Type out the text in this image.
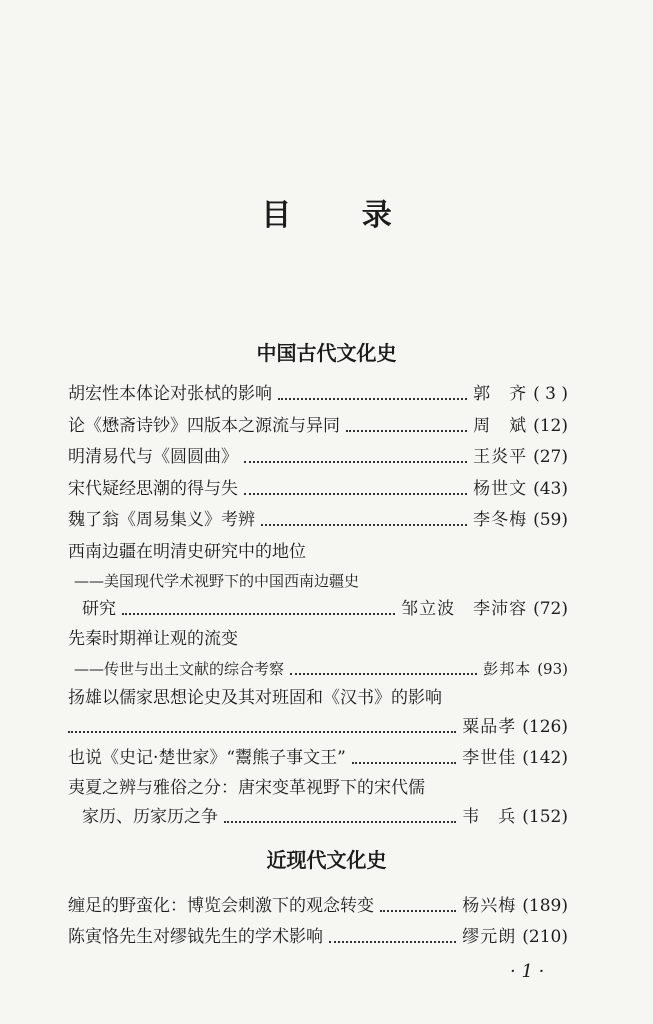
目 录
中国古代文化史
胡宏性本体论对张栻的影响	郭　齐 ( 3 )
论《懋斋诗钞》四版本之源流与异同	周　斌 (12)
明清易代与《圆圆曲》	王炎平 (27)
宋代疑经思潮的得与失	杨世文 (43)
魏了翁《周易集义》考辨	李冬梅 (59)
西南边疆在明清史研究中的地位
——美国现代学术视野下的中国西南边疆史
研究	邹立波　李沛容 (72)
先秦时期禅让观的流变
——传世与出土文献的综合考察	彭邦本 (93)
扬雄以儒家思想论史及其对班固和《汉书》的影响
粟品孝 (126)
也说《史记·楚世家》“鬻熊子事文王”	李世佳 (142)
夷夏之辨与雅俗之分：唐宋变革视野下的宋代儒
家历、历家历之争	韦　兵 (152)
近现代文化史
缠足的野蛮化：博览会刺激下的观念转变	杨兴梅 (189)
陈寅恪先生对缪钺先生的学术影响	缪元朗 (210)
· 1 ·
